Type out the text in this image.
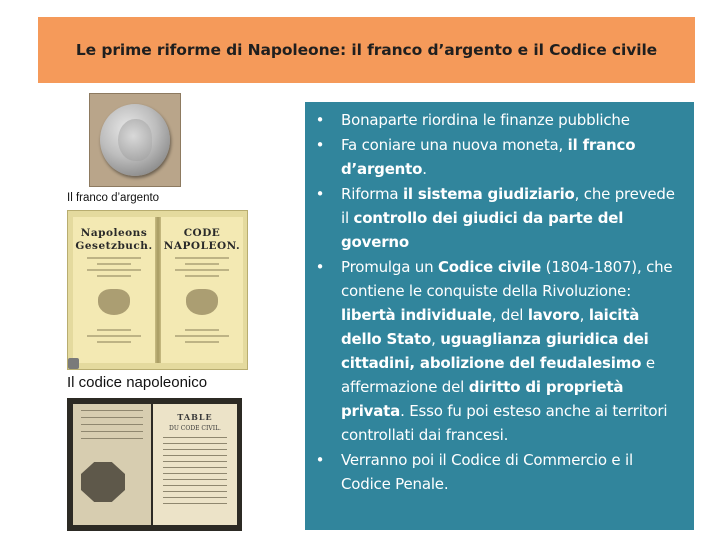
Le prime riforme di Napoleone: il franco d’argento e il Codice civile
Il franco d’argento
Napoleons Gesetzbuch.
CODE NAPOLEON.
Il codice napoleonico
TABLE
DU CODE CIVIL.
• Bonaparte riordina le finanze pubbliche
• Fa coniare una nuova moneta, il franco d’argento.
• Riforma il sistema giudiziario, che prevede il controllo dei giudici da parte del governo
• Promulga un Codice civile (1804-1807), che contiene le conquiste della Rivoluzione: libertà individuale, del lavoro, laicità dello Stato, uguaglianza giuridica dei cittadini, abolizione del feudalesimo e affermazione del diritto di proprietà privata. Esso fu poi esteso anche ai territori controllati dai francesi.
• Verranno poi il Codice di Commercio e il Codice Penale.
